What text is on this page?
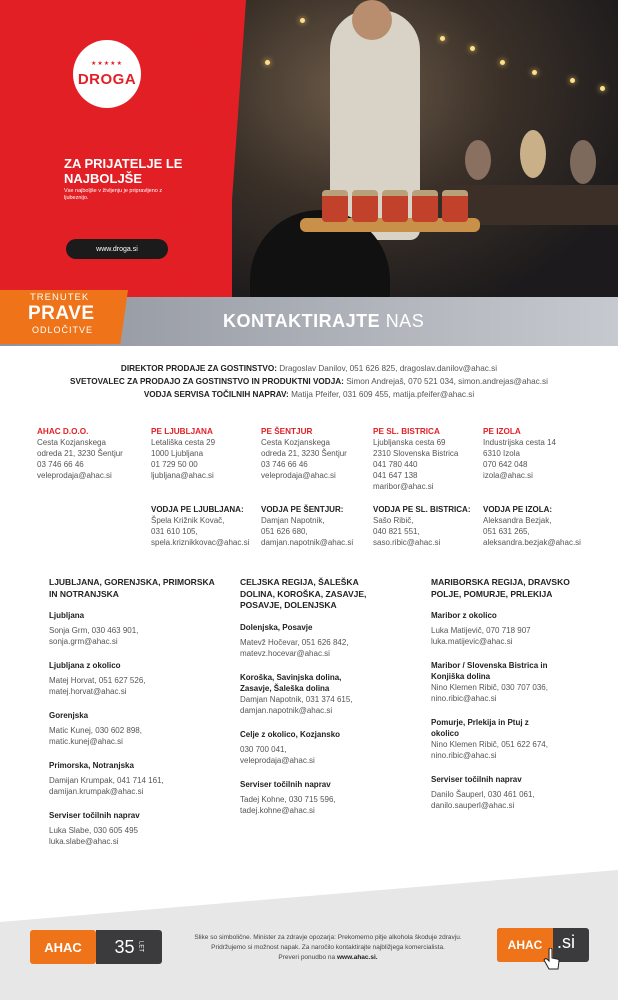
★★★★★
DROGA
ZA PRIJATELJE LE NAJBOLJŠE
Vse najboljše v življenju je pripravljeno z ljubeznijo.
www.droga.si
TRENUTEK
PRAVE
ODLOČITVE	KONTAKTIRAJTE NAS
DIREKTOR PRODAJE ZA GOSTINSTVO: Dragoslav Danilov, 051 626 825, dragoslav.danilov@ahac.si
SVETOVALEC ZA PRODAJO ZA GOSTINSTVO IN PRODUKTNI VODJA: Simon Andrejaš, 070 521 034, simon.andrejas@ahac.si
VODJA SERVISA TOČILNIH NAPRAV: Matija Pfeifer, 031 609 455, matija.pfeifer@ahac.si
AHAC D.O.O.
Cesta Kozjanskega
odreda 21, 3230 Šentjur
03 746 66 46
veleprodaja@ahac.si
PE LJUBLJANA
Letališka cesta 29
1000 Ljubljana
01 729 50 00
ljubljana@ahac.si
PE ŠENTJUR
Cesta Kozjanskega
odreda 21, 3230 Šentjur
03 746 66 46
veleprodaja@ahac.si
PE SL. BISTRICA
Ljubljanska cesta 69
2310 Slovenska Bistrica
041 780 440
041 647 138
maribor@ahac.si
PE IZOLA
Industrijska cesta 14
6310 Izola
070 642 048
izola@ahac.si
VODJA PE LJUBLJANA:
Špela Križnik Kovač,
031 610 105,
spela.kriznikkovac@ahac.si
VODJA PE ŠENTJUR:
Damjan Napotnik,
051 626 680,
damjan.napotnik@ahac.si
VODJA PE SL. BISTRICA:
Sašo Ribič,
040 821 551,
saso.ribic@ahac.si
VODJA PE IZOLA:
Aleksandra Bezjak,
051 631 265,
aleksandra.bezjak@ahac.si
LJUBLJANA, GORENJSKA, PRIMORSKA IN NOTRANJSKA
Ljubljana
Sonja Grm, 030 463 901,
sonja.grm@ahac.si
Ljubljana z okolico
Matej Horvat, 051 627 526,
matej.horvat@ahac.si
Gorenjska
Matic Kunej, 030 602 898,
matic.kunej@ahac.si
Primorska, Notranjska
Damijan Krumpak, 041 714 161,
damijan.krumpak@ahac.si
Serviser točilnih naprav
Luka Slabe, 030 605 495
luka.slabe@ahac.si
CELJSKA REGIJA, ŠALEŠKA DOLINA, KOROŠKA, ZASAVJE, POSAVJE, DOLENJSKA
Dolenjska, Posavje
Matevž Hočevar, 051 626 842,
matevz.hocevar@ahac.si
Koroška, Savinjska dolina, Zasavje, Šaleška dolina
Damjan Napotnik, 031 374 615,
damjan.napotnik@ahac.si
Celje z okolico, Kozjansko
030 700 041,
veleprodaja@ahac.si
Serviser točilnih naprav
Tadej Kohne, 030 715 596,
tadej.kohne@ahac.si
MARIBORSKA REGIJA, DRAVSKO POLJE, POMURJE, PRLEKIJA
Maribor z okolico
Luka Matijevič, 070 718 907
luka.matijevic@ahac.si
Maribor / Slovenska Bistrica in Konjiška dolina
Nino Klemen Ribič, 030 707 036,
nino.ribic@ahac.si
Pomurje, Prlekija in Ptuj z okolico
Nino Klemen Ribič, 051 622 674,
nino.ribic@ahac.si
Serviser točilnih naprav
Danilo Šauperl, 030 461 061,
danilo.sauperl@ahac.si
AHAC	35 LET
Slike so simbolične. Minister za zdravje opozarja: Prekomerno pitje alkohola škoduje zdravju.
Pridržujemo si možnost napak. Za naročilo kontaktirajte najbližjega komercialista.
Preveri ponudbo na www.ahac.si.
AHAC .si
